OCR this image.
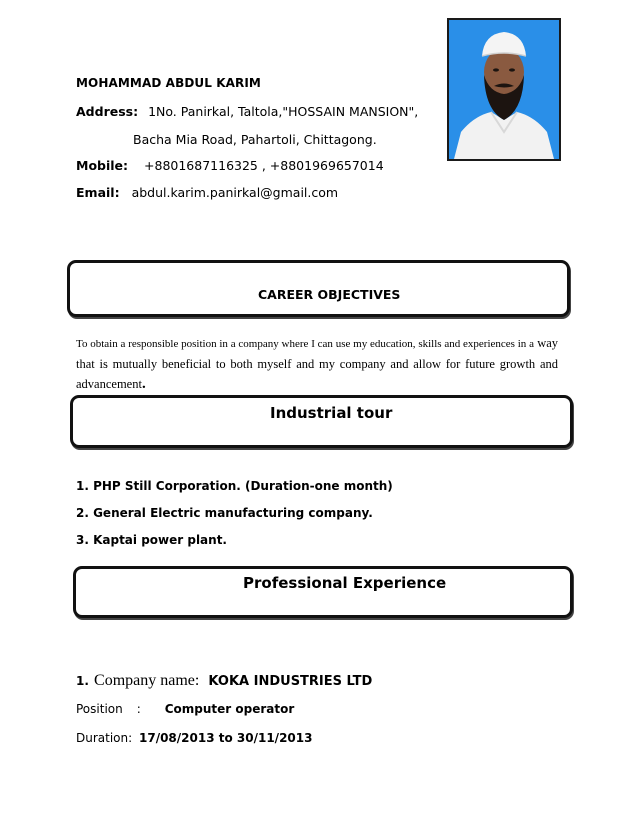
MOHAMMAD ABDUL KARIM
Address: 1No. Panirkal, Taltola,"HOSSAIN MANSION",
Bacha Mia Road, Pahartoli, Chittagong.
Mobile: +8801687116325 , +8801969657014
Email: abdul.karim.panirkal@gmail.com
CAREER OBJECTIVES
To obtain a responsible position in a company where I can use my education, skills and experiences in a way that is mutually beneficial to both myself and my company and allow for future growth and advancement.
Industrial tour
1. PHP Still Corporation. (Duration-one month)
2. General Electric manufacturing company.
3. Kaptai power plant.
Professional Experience
1. Company name: KOKA INDUSTRIES LTD
Position : Computer operator
Duration: 17/08/2013 to 30/11/2013
